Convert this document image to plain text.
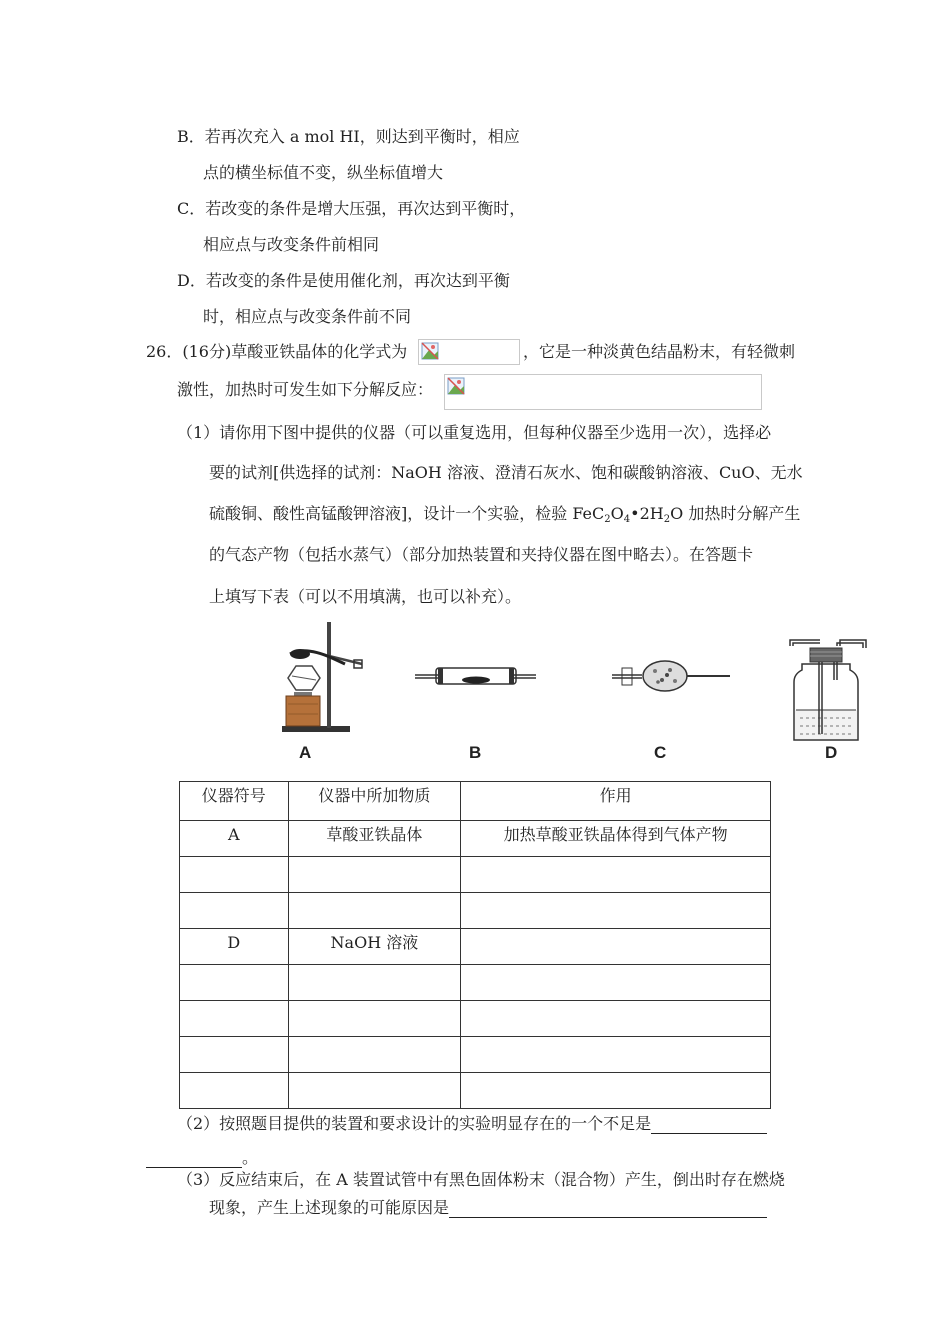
B．若再次充入 a mol HI，则达到平衡时，相应
点的横坐标值不变，纵坐标值增大
C．若改变的条件是增大压强，再次达到平衡时，
相应点与改变条件前相同
D．若改变的条件是使用催化剂，再次达到平衡
时，相应点与改变条件前不同
26．(16分)草酸亚铁晶体的化学式为	，它是一种淡黄色结晶粉末，有轻微刺
激性，加热时可发生如下分解反应：
（1）请你用下图中提供的仪器（可以重复选用，但每种仪器至少选用一次），选择必
要的试剂[供选择的试剂：NaOH 溶液、澄清石灰水、饱和碳酸钠溶液、CuO、无水
硫酸铜、酸性高锰酸钾溶液]，设计一个实验，检验 $FeC_2O_4•2H_2O$ 加热时分解产生
的气态产物（包括水蒸气）（部分加热装置和夹持仪器在图中略去）。在答题卡
上填写下表（可以不用填满，也可以补充）。
A	B	C	D
仪器符号	仪器中所加物质	作用
A	草酸亚铁晶体	加热草酸亚铁晶体得到气体产物

D	NaOH 溶液	

（2）按照题目提供的装置和要求设计的实验明显存在的一个不足是
。
（3）反应结束后，在 A 装置试管中有黑色固体粉末（混合物）产生，倒出时存在燃烧
现象，产生上述现象的可能原因是
